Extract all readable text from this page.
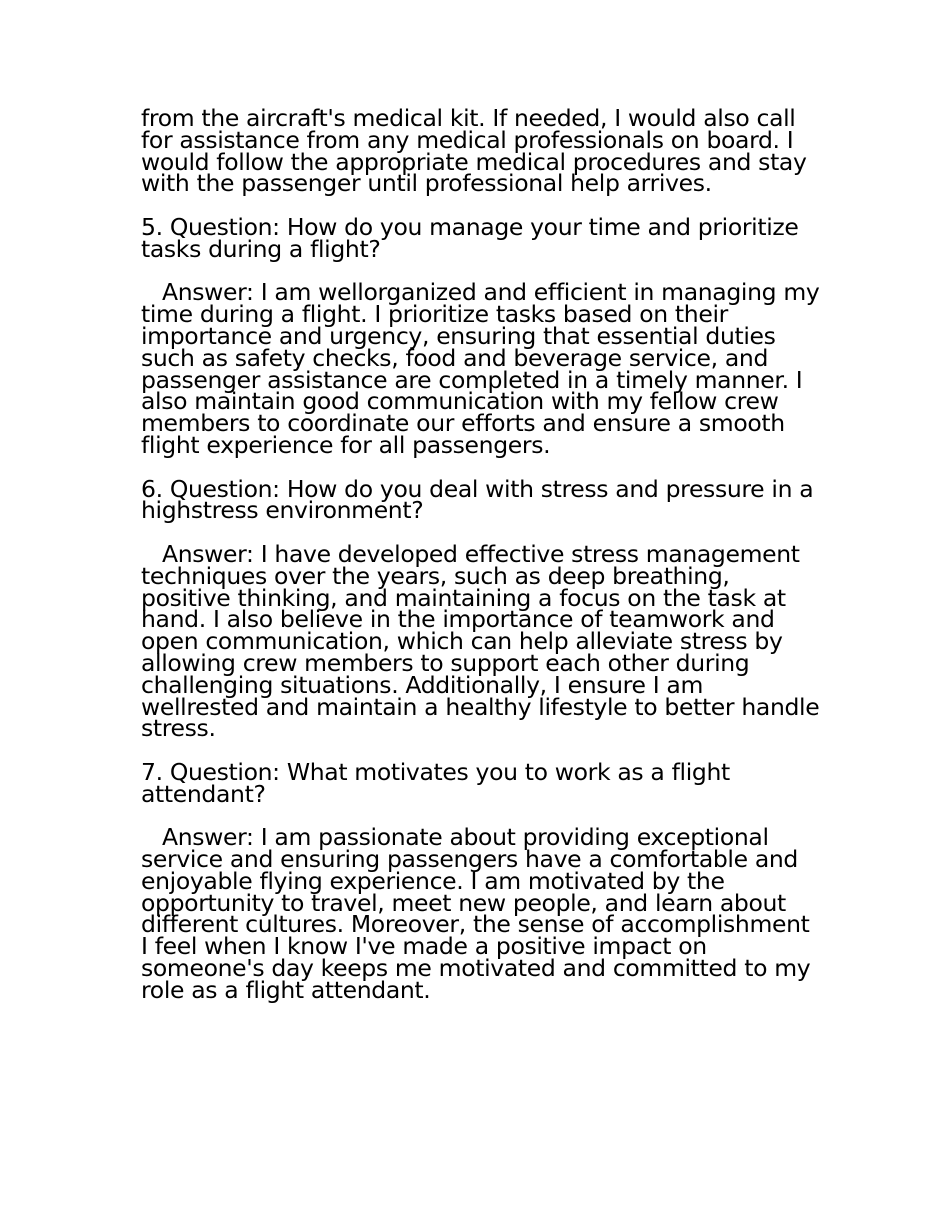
from the aircraft's medical kit. If needed, I would also call for assistance from any medical professionals on board. I would follow the appropriate medical procedures and stay with the passenger until professional help arrives.

5. Question: How do you manage your time and prioritize tasks during a flight?

Answer: I am wellorganized and efficient in managing my time during a flight. I prioritize tasks based on their importance and urgency, ensuring that essential duties such as safety checks, food and beverage service, and passenger assistance are completed in a timely manner. I also maintain good communication with my fellow crew members to coordinate our efforts and ensure a smooth flight experience for all passengers.

6. Question: How do you deal with stress and pressure in a highstress environment?

Answer: I have developed effective stress management techniques over the years, such as deep breathing, positive thinking, and maintaining a focus on the task at hand. I also believe in the importance of teamwork and open communication, which can help alleviate stress by allowing crew members to support each other during challenging situations. Additionally, I ensure I am wellrested and maintain a healthy lifestyle to better handle stress.

7. Question: What motivates you to work as a flight attendant?

Answer: I am passionate about providing exceptional service and ensuring passengers have a comfortable and enjoyable flying experience. I am motivated by the opportunity to travel, meet new people, and learn about different cultures. Moreover, the sense of accomplishment I feel when I know I've made a positive impact on someone's day keeps me motivated and committed to my role as a flight attendant.
